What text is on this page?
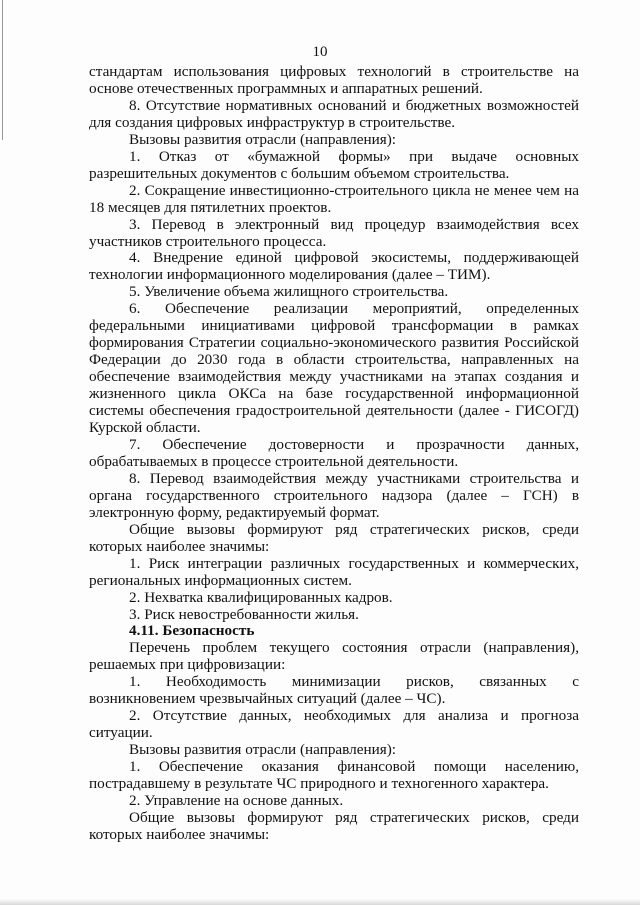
10

стандартам использования цифровых технологий в строительстве на основе отечественных программных и аппаратных решений.

8. Отсутствие нормативных оснований и бюджетных возможностей для создания цифровых инфраструктур в строительстве.

Вызовы развития отрасли (направления):

1. Отказ от «бумажной формы» при выдаче основных разрешительных документов с большим объемом строительства.

2. Сокращение инвестиционно-строительного цикла не менее чем на 18 месяцев для пятилетних проектов.

3. Перевод в электронный вид процедур взаимодействия всех участников строительного процесса.

4. Внедрение единой цифровой экосистемы, поддерживающей технологии информационного моделирования (далее – ТИМ).

5. Увеличение объема жилищного строительства.

6. Обеспечение реализации мероприятий, определенных федеральными инициативами цифровой трансформации в рамках формирования Стратегии социально-экономического развития Российской Федерации до 2030 года в области строительства, направленных на обеспечение взаимодействия между участниками на этапах создания и жизненного цикла ОКСа на базе государственной информационной системы обеспечения градостроительной деятельности (далее - ГИСОГД) Курской области.

7. Обеспечение достоверности и прозрачности данных, обрабатываемых в процессе строительной деятельности.

8. Перевод взаимодействия между участниками строительства и органа государственного строительного надзора (далее – ГСН) в электронную форму, редактируемый формат.

Общие вызовы формируют ряд стратегических рисков, среди которых наиболее значимы:

1. Риск интеграции различных государственных и коммерческих, региональных информационных систем.

2. Нехватка квалифицированных кадров.

3. Риск невостребованности жилья.

4.11. Безопасность

Перечень проблем текущего состояния отрасли (направления), решаемых при цифровизации:

1. Необходимость минимизации рисков, связанных с возникновением чрезвычайных ситуаций (далее – ЧС).

2. Отсутствие данных, необходимых для анализа и прогноза ситуации.

Вызовы развития отрасли (направления):

1. Обеспечение оказания финансовой помощи населению, пострадавшему в результате ЧС природного и техногенного характера.

2. Управление на основе данных.

Общие вызовы формируют ряд стратегических рисков, среди которых наиболее значимы:
